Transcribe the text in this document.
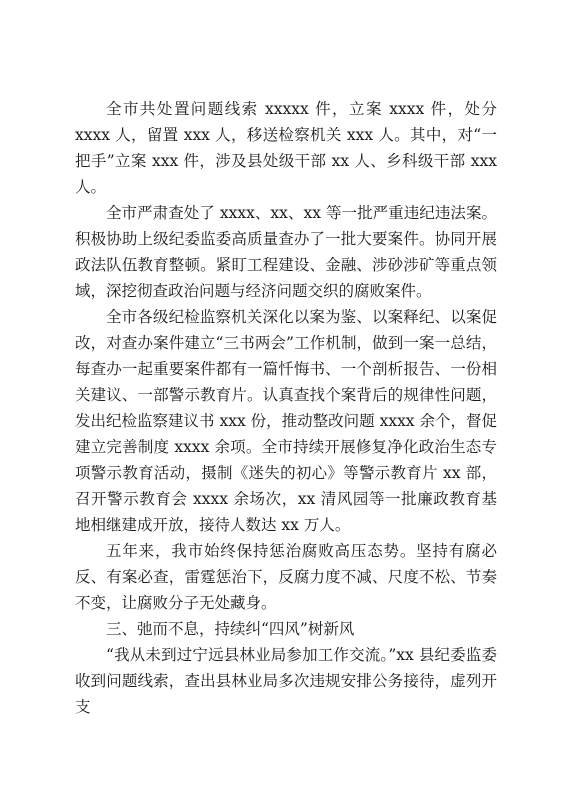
全市共处置问题线索 xxxxx 件，立案 xxxx 件，处分 xxxx 人，留置 xxx 人，移送检察机关 xxx 人。其中，对“一把手”立案 xxx 件，涉及县处级干部 xx 人、乡科级干部 xxx 人。

全市严肃查处了 xxxx、xx、xx 等一批严重违纪违法案。积极协助上级纪委监委高质量查办了一批大要案件。协同开展政法队伍教育整顿。紧盯工程建设、金融、涉砂涉矿等重点领域，深挖彻查政治问题与经济问题交织的腐败案件。

全市各级纪检监察机关深化以案为鉴、以案释纪、以案促改，对查办案件建立“三书两会”工作机制，做到一案一总结，每查办一起重要案件都有一篇忏悔书、一个剖析报告、一份相关建议、一部警示教育片。认真查找个案背后的规律性问题，发出纪检监察建议书 xxx 份，推动整改问题 xxxx 余个，督促建立完善制度 xxxx 余项。全市持续开展修复净化政治生态专项警示教育活动，摄制《迷失的初心》等警示教育片 xx 部，召开警示教育会 xxxx 余场次，xx 清风园等一批廉政教育基地相继建成开放，接待人数达 xx 万人。

五年来，我市始终保持惩治腐败高压态势。坚持有腐必反、有案必查，雷霆惩治下，反腐力度不减、尺度不松、节奏不变，让腐败分子无处藏身。

三、弛而不息，持续纠“四风”树新风

“我从未到过宁远县林业局参加工作交流。”xx 县纪委监委收到问题线索，查出县林业局多次违规安排公务接待，虚列开支
